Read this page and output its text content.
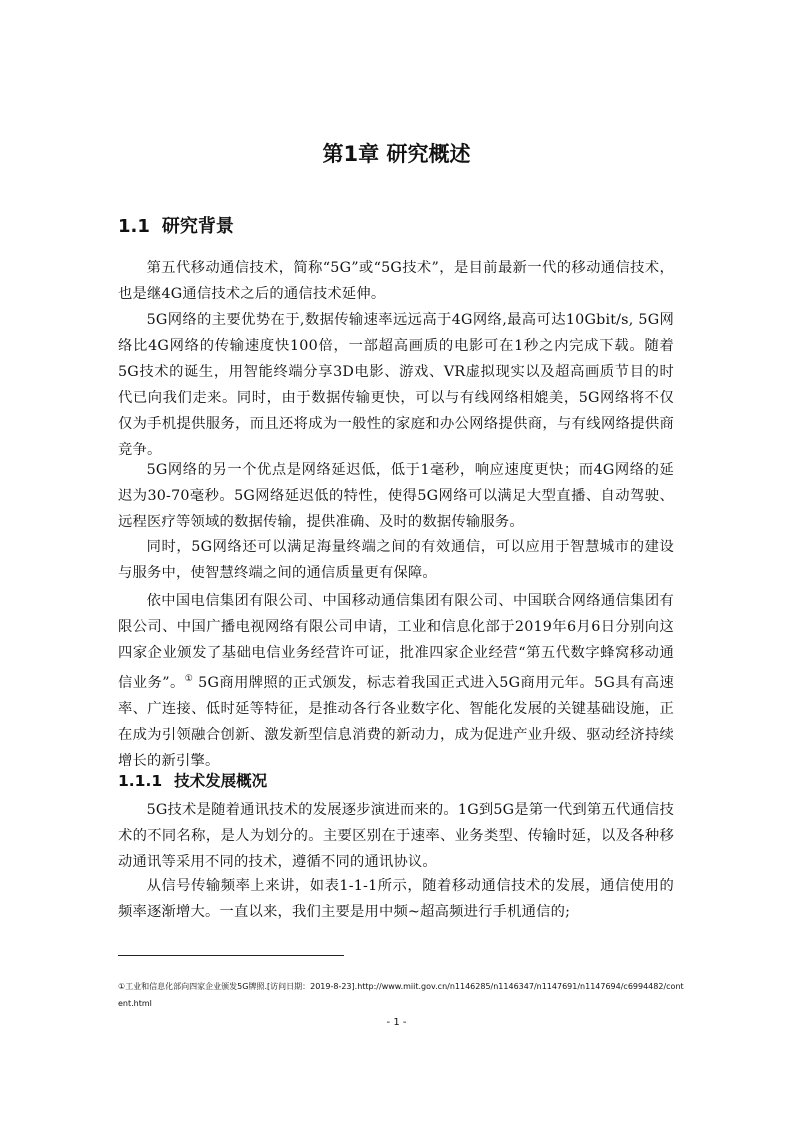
第1章 研究概述
1.1 研究背景

第五代移动通信技术，简称“5G”或“5G技术”，是目前最新一代的移动通信技术，也是继4G通信技术之后的通信技术延伸。

5G网络的主要优势在于,数据传输速率远远高于4G网络,最高可达10Gbit/s, 5G网络比4G网络的传输速度快100倍，一部超高画质的电影可在1秒之内完成下载。随着5G技术的诞生，用智能终端分享3D电影、游戏、VR虚拟现实以及超高画质节目的时代已向我们走来。同时，由于数据传输更快，可以与有线网络相媲美，5G网络将不仅仅为手机提供服务，而且还将成为一般性的家庭和办公网络提供商，与有线网络提供商竞争。

5G网络的另一个优点是网络延迟低，低于1毫秒，响应速度更快；而4G网络的延迟为30-70毫秒。5G网络延迟低的特性，使得5G网络可以满足大型直播、自动驾驶、远程医疗等领域的数据传输，提供准确、及时的数据传输服务。

同时，5G网络还可以满足海量终端之间的有效通信，可以应用于智慧城市的建设与服务中，使智慧终端之间的通信质量更有保障。

依中国电信集团有限公司、中国移动通信集团有限公司、中国联合网络通信集团有限公司、中国广播电视网络有限公司申请，工业和信息化部于2019年6月6日分别向这四家企业颁发了基础电信业务经营许可证，批准四家企业经营“第五代数字蜂窝移动通信业务”。① 5G商用牌照的正式颁发，标志着我国正式进入5G商用元年。5G具有高速率、广连接、低时延等特征，是推动各行各业数字化、智能化发展的关键基础设施，正在成为引领融合创新、激发新型信息消费的新动力，成为促进产业升级、驱动经济持续增长的新引擎。

1.1.1 技术发展概况

5G技术是随着通讯技术的发展逐步演进而来的。1G到5G是第一代到第五代通信技术的不同名称，是人为划分的。主要区别在于速率、业务类型、传输时延，以及各种移动通讯等采用不同的技术，遵循不同的通讯协议。

从信号传输频率上来讲，如表1-1-1所示，随着移动通信技术的发展，通信使用的频率逐渐增大。一直以来，我们主要是用中频~超高频进行手机通信的;

①工业和信息化部向四家企业颁发5G牌照.[访问日期：2019-8-23].http://www.miit.gov.cn/n1146285/n1146347/n1147691/n1147694/c6994482/content.html

- 1 -
